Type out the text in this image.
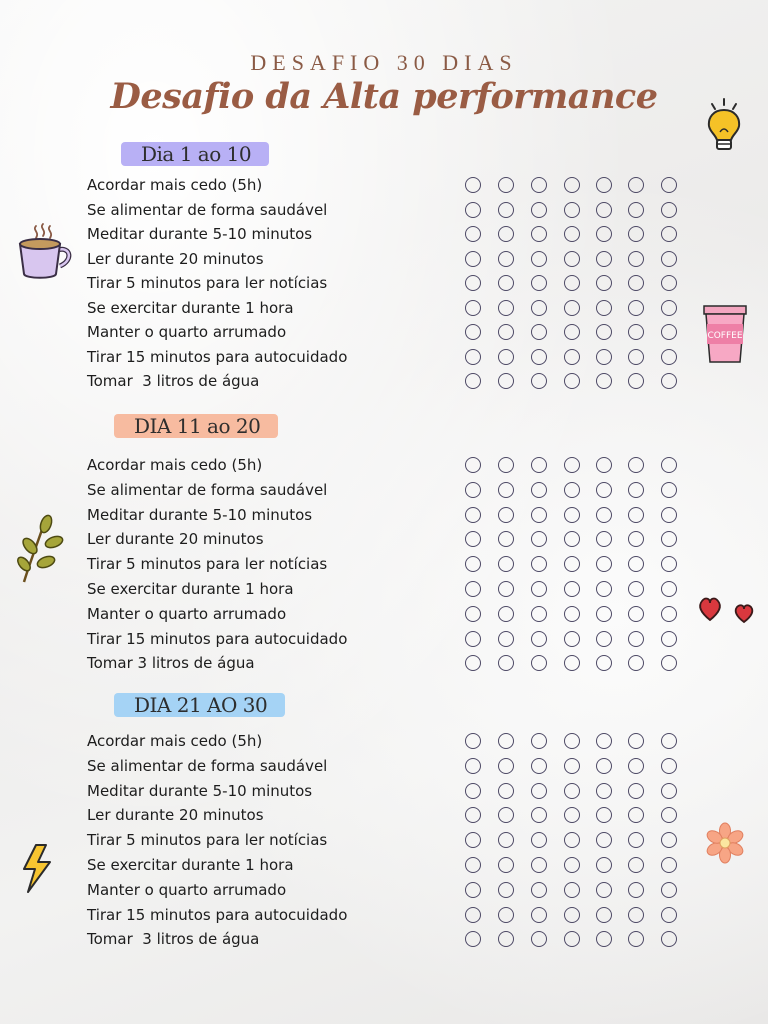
DESAFIO 30 DIAS
Desafio da Alta performance
Dia 1 ao 10
Acordar mais cedo (5h)
Se alimentar de forma saudável
Meditar durante 5-10 minutos
Ler durante 20 minutos
Tirar 5 minutos para ler notícias
Se exercitar durante 1 hora
Manter o quarto arrumado
Tirar 15 minutos para autocuidado
Tomar  3 litros de água
DIA 11 ao 20
Acordar mais cedo (5h)
Se alimentar de forma saudável
Meditar durante 5-10 minutos
Ler durante 20 minutos
Tirar 5 minutos para ler notícias
Se exercitar durante 1 hora
Manter o quarto arrumado
Tirar 15 minutos para autocuidado
Tomar 3 litros de água
DIA 21 AO 30
Acordar mais cedo (5h)
Se alimentar de forma saudável
Meditar durante 5-10 minutos
Ler durante 20 minutos
Tirar 5 minutos para ler notícias
Se exercitar durante 1 hora
Manter o quarto arrumado
Tirar 15 minutos para autocuidado
Tomar  3 litros de água
COFFEE
